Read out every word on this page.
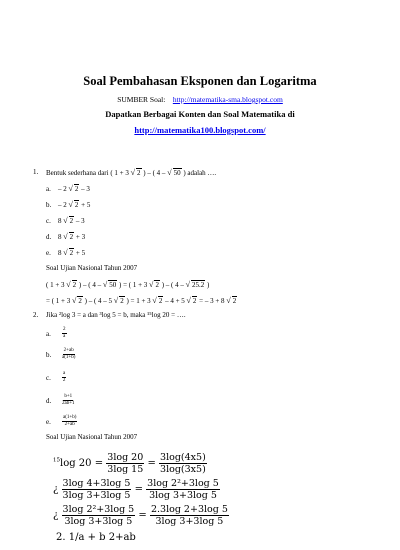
Soal Pembahasan Eksponen dan Logaritma
SUMBER Soal: http://matematika-sma.blogspot.com
Dapatkan Berbagai Konten dan Soal Matematika di
http://matematika100.blogspot.com/
1. Bentuk sederhana dari ( 1 + 3 √ 2 ) – ( 4 – √ 50 ) adalah ….
a. – 2 √ 2 – 3
b. – 2 √ 2 + 5
c. 8 √ 2 – 3
d. 8 √ 2 + 3
e. 8 √ 2 + 5
Soal Ujian Nasional Tahun 2007
( 1 + 3 √ 2 ) – ( 4 – √ 50 ) = ( 1 + 3 √ 2 ) – ( 4 – √ 25.2 )
= ( 1 + 3 √ 2 ) – ( 4 – 5 √ 2 ) = 1 + 3 √ 2 – 4 + 5 √ 2 = – 3 + 8 √ 2
2. Jika ²log 3 = a dan ³log 5 = b, maka ¹⁵log 20 = ….
a. $\frac{2}{a}$
b. $\frac{2+ab}{a(1+b)}$
c. $\frac{a}{2}$
d. $\frac{b+1}{2ab+1}$
e. $\frac{a(1+b)}{2+ab}$
Soal Ujian Nasional Tahun 2007
$^{15}$log $20 = \frac{3\log 20}{3\log 15} = \frac{3\log(4x5)}{3\log(3x5)}$
¿ $\frac{3\log 4+3\log 5}{3\log 3+3\log 5} = \frac{\text{3log 2²+3log 5}}{3\log 3+3\log 5}$
¿ $\frac{\text{3log 2²+3log 5}}{3\log 3+3\log 5} = \frac{2.3\log 2+3\log 5}{3\log 3+3\log 5}$
2. 1/a + b 2+ab
